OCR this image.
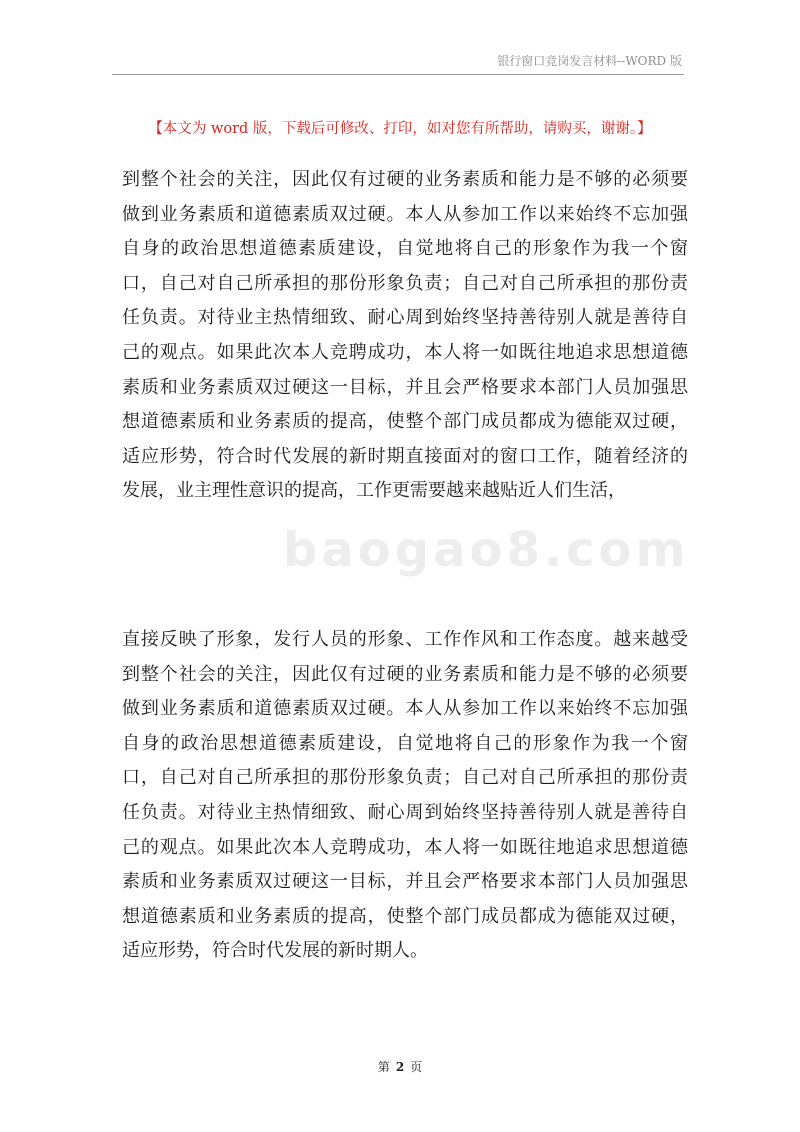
银行窗口竞岗发言材料--WORD 版
【本文为 word 版，下载后可修改、打印，如对您有所帮助，请购买，谢谢。】
baogao8.com
到整个社会的关注，因此仅有过硬的业务素质和能力是不够的必须要
做到业务素质和道德素质双过硬。本人从参加工作以来始终不忘加强
自身的政治思想道德素质建设，自觉地将自己的形象作为我一个窗
口，自己对自己所承担的那份形象负责；自己对自己所承担的那份责
任负责。对待业主热情细致、耐心周到始终坚持善待别人就是善待自
己的观点。如果此次本人竞聘成功，本人将一如既往地追求思想道德
素质和业务素质双过硬这一目标，并且会严格要求本部门人员加强思
想道德素质和业务素质的提高，使整个部门成员都成为德能双过硬，
适应形势，符合时代发展的新时期直接面对的窗口工作，随着经济的
发展，业主理性意识的提高，工作更需要越来越贴近人们生活，
直接反映了形象，发行人员的形象、工作作风和工作态度。越来越受
到整个社会的关注，因此仅有过硬的业务素质和能力是不够的必须要
做到业务素质和道德素质双过硬。本人从参加工作以来始终不忘加强
自身的政治思想道德素质建设，自觉地将自己的形象作为我一个窗
口，自己对自己所承担的那份形象负责；自己对自己所承担的那份责
任负责。对待业主热情细致、耐心周到始终坚持善待别人就是善待自
己的观点。如果此次本人竞聘成功，本人将一如既往地追求思想道德
素质和业务素质双过硬这一目标，并且会严格要求本部门人员加强思
想道德素质和业务素质的提高，使整个部门成员都成为德能双过硬，
适应形势，符合时代发展的新时期人。
第 2 页
